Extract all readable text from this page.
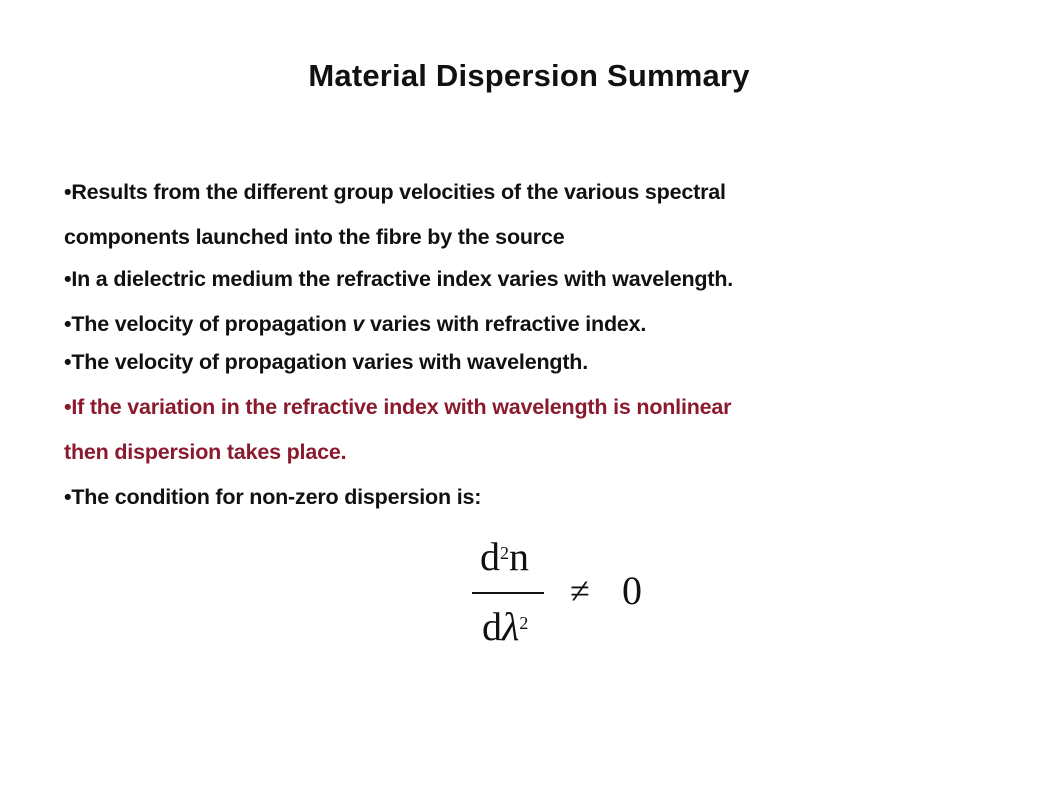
Material Dispersion Summary
•Results from the different group velocities of the various spectral
components launched into the fibre by the source
•In a dielectric medium the refractive index varies with wavelength.
•The velocity of propagation v varies with refractive index.
•The velocity of propagation varies with wavelength.
•If the variation in the refractive index with wavelength is nonlinear
then dispersion takes place.
•The condition for non-zero dispersion is:
$d^2n$
$d\lambda^2$
≠ 0
